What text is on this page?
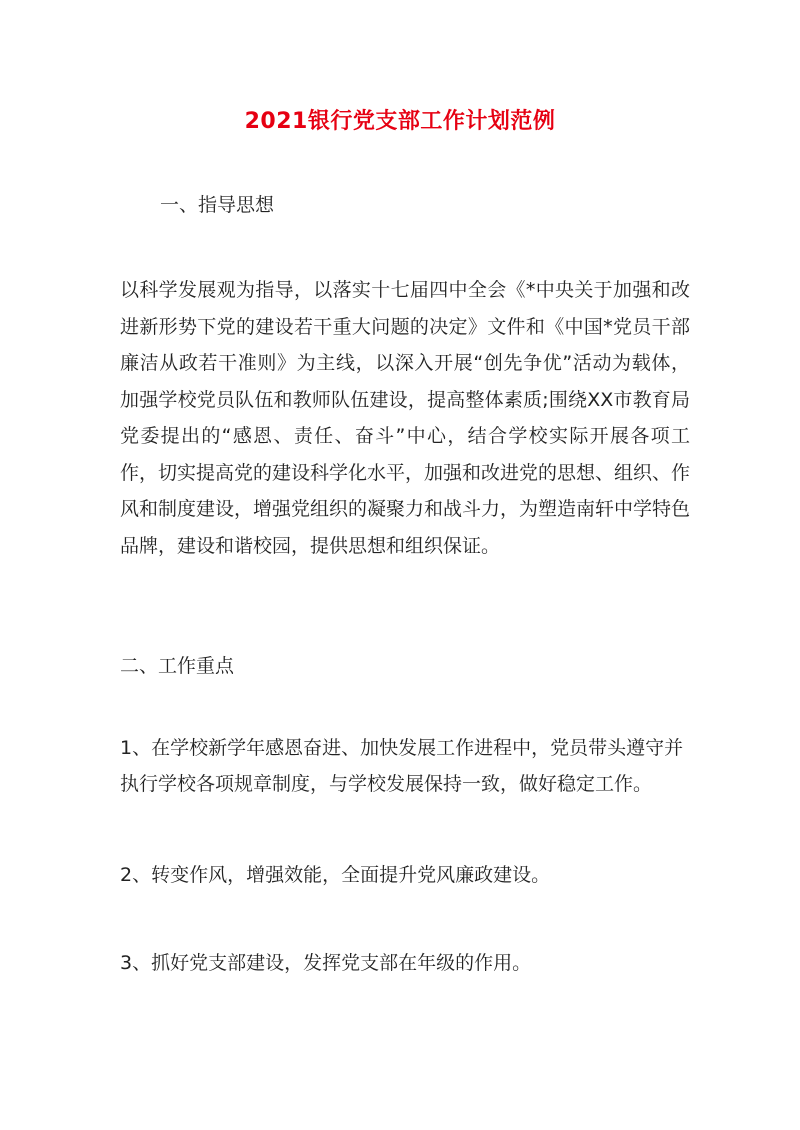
2021银行党支部工作计划范例
一、指导思想
以科学发展观为指导，以落实十七届四中全会《*中央关于加强和改进新形势下党的建设若干重大问题的决定》文件和《中国*党员干部廉洁从政若干准则》为主线，以深入开展“创先争优”活动为载体，加强学校党员队伍和教师队伍建设，提高整体素质;围绕XX市教育局党委提出的“感恩、责任、奋斗”中心，结合学校实际开展各项工作，切实提高党的建设科学化水平，加强和改进党的思想、组织、作风和制度建设，增强党组织的凝聚力和战斗力，为塑造南轩中学特色品牌，建设和谐校园，提供思想和组织保证。
二、工作重点
1、在学校新学年感恩奋进、加快发展工作进程中，党员带头遵守并执行学校各项规章制度，与学校发展保持一致，做好稳定工作。
2、转变作风，增强效能，全面提升党风廉政建设。
3、抓好党支部建设，发挥党支部在年级的作用。
